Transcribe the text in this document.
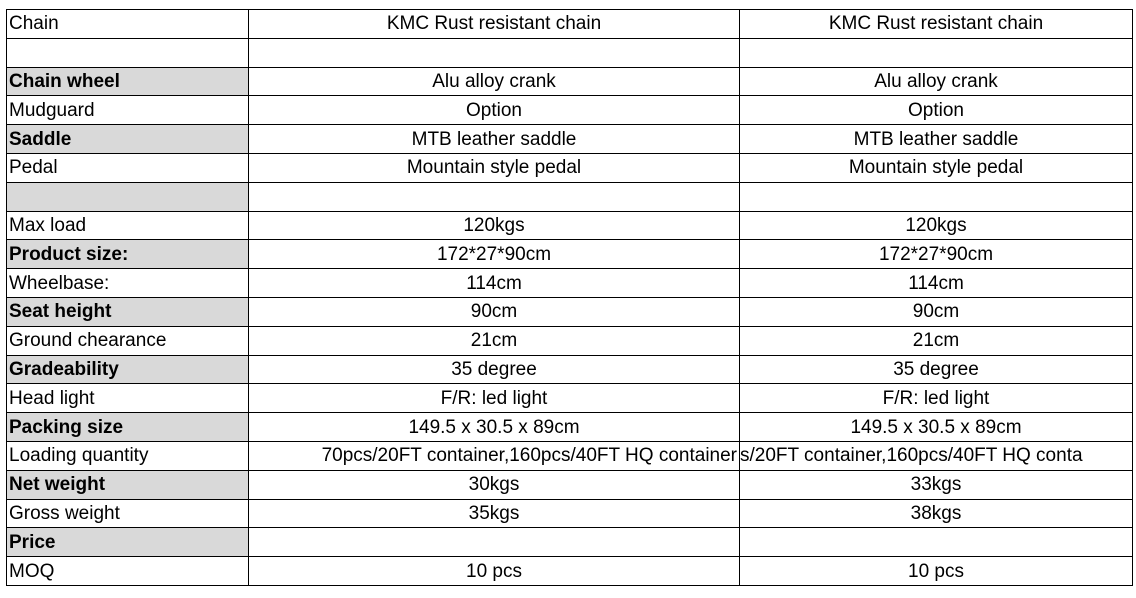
Chain	KMC Rust resistant chain	KMC Rust resistant chain

Chain wheel	Alu alloy crank	Alu alloy crank
Mudguard	Option	Option
Saddle	MTB leather saddle	MTB leather saddle
Pedal	Mountain style pedal	Mountain style pedal

Max load	120kgs	120kgs
Product size:	172*27*90cm	172*27*90cm
Wheelbase:	114cm	114cm
Seat height	90cm	90cm
Ground chearance	21cm	21cm
Gradeability	35 degree	35 degree
Head light	F/R: led light	F/R: led light
Packing size	149.5 x 30.5 x 89cm	149.5 x 30.5 x 89cm
Loading quantity	70pcs/20FT container,160pcs/40FT HQ container	s/20FT container,160pcs/40FT HQ conta
Net weight	30kgs	33kgs
Gross weight	35kgs	38kgs
Price		
MOQ	10 pcs	10 pcs
